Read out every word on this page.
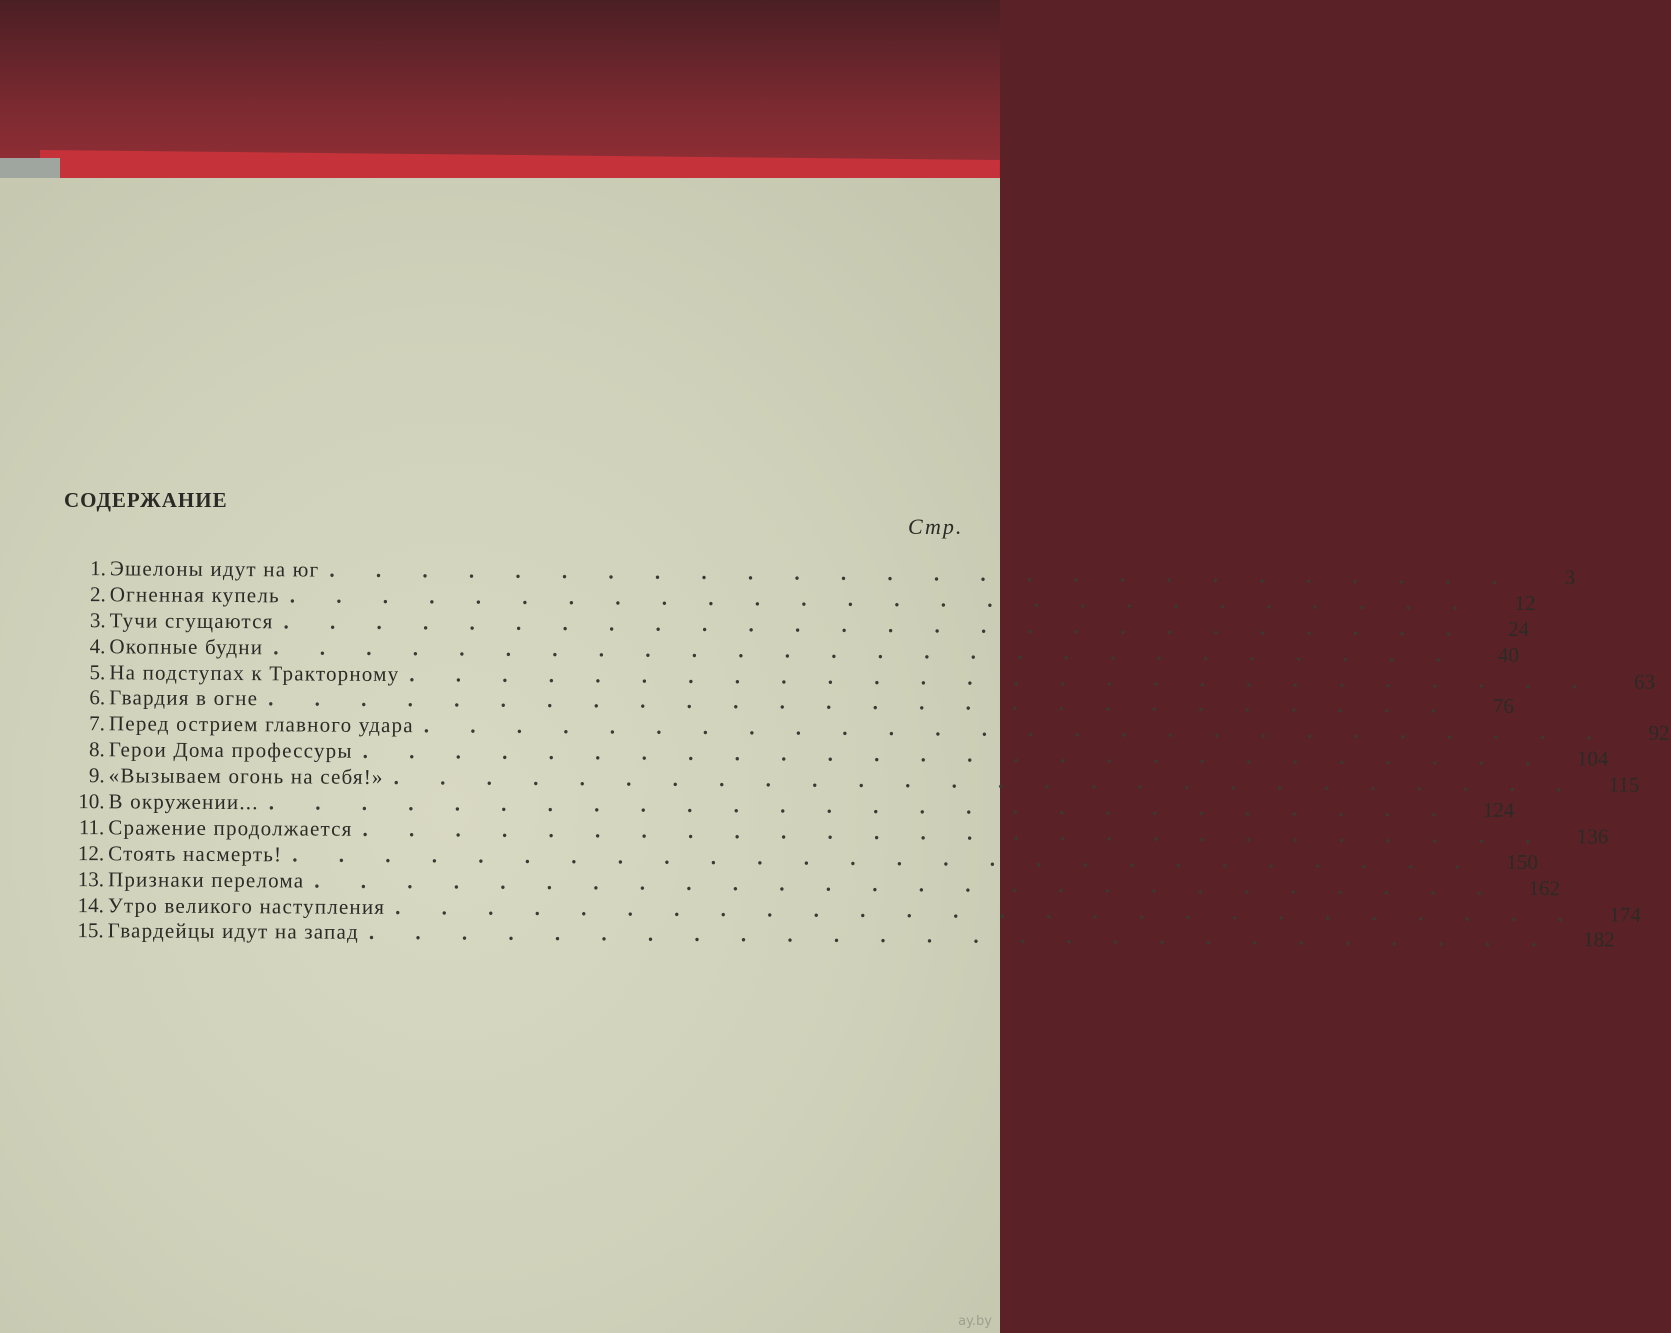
СОДЕРЖАНИЕ
Стр.
1. Эшелоны идут на юг . . . . . . . . . . . . . . . . . . . . . . . . . .	3
2. Огненная купель . . . . . . . . . . . . . . . . . . . . . . . . . .	12
3. Тучи сгущаются . . . . . . . . . . . . . . . . . . . . . . . . . .	24
4. Окопные будни . . . . . . . . . . . . . . . . . . . . . . . . . .	40
5. На подступах к Тракторному . . . . . . . . . . . . . . . . . . . . . . . . . .	63
6. Гвардия в огне . . . . . . . . . . . . . . . . . . . . . . . . . .	76
7. Перед острием главного удара . . . . . . . . . . . . . . . . . . . . . . . . . .	92
8. Герои Дома профессуры . . . . . . . . . . . . . . . . . . . . . . . . . .	104
9. «Вызываем огонь на себя!» . . . . . . . . . . . . . . . . . . . . . . . . . .	115
10. В окружении... . . . . . . . . . . . . . . . . . . . . . . . . . .	124
11. Сражение продолжается . . . . . . . . . . . . . . . . . . . . . . . . . .	136
12. Стоять насмерть! . . . . . . . . . . . . . . . . . . . . . . . . . .	150
13. Признаки перелома . . . . . . . . . . . . . . . . . . . . . . . . . .	162
14. Утро великого наступления . . . . . . . . . . . . . . . . . . . . . . . . . .	174
15. Гвардейцы идут на запад . . . . . . . . . . . . . . . . . . . . . . . . . .	182
ay.by
